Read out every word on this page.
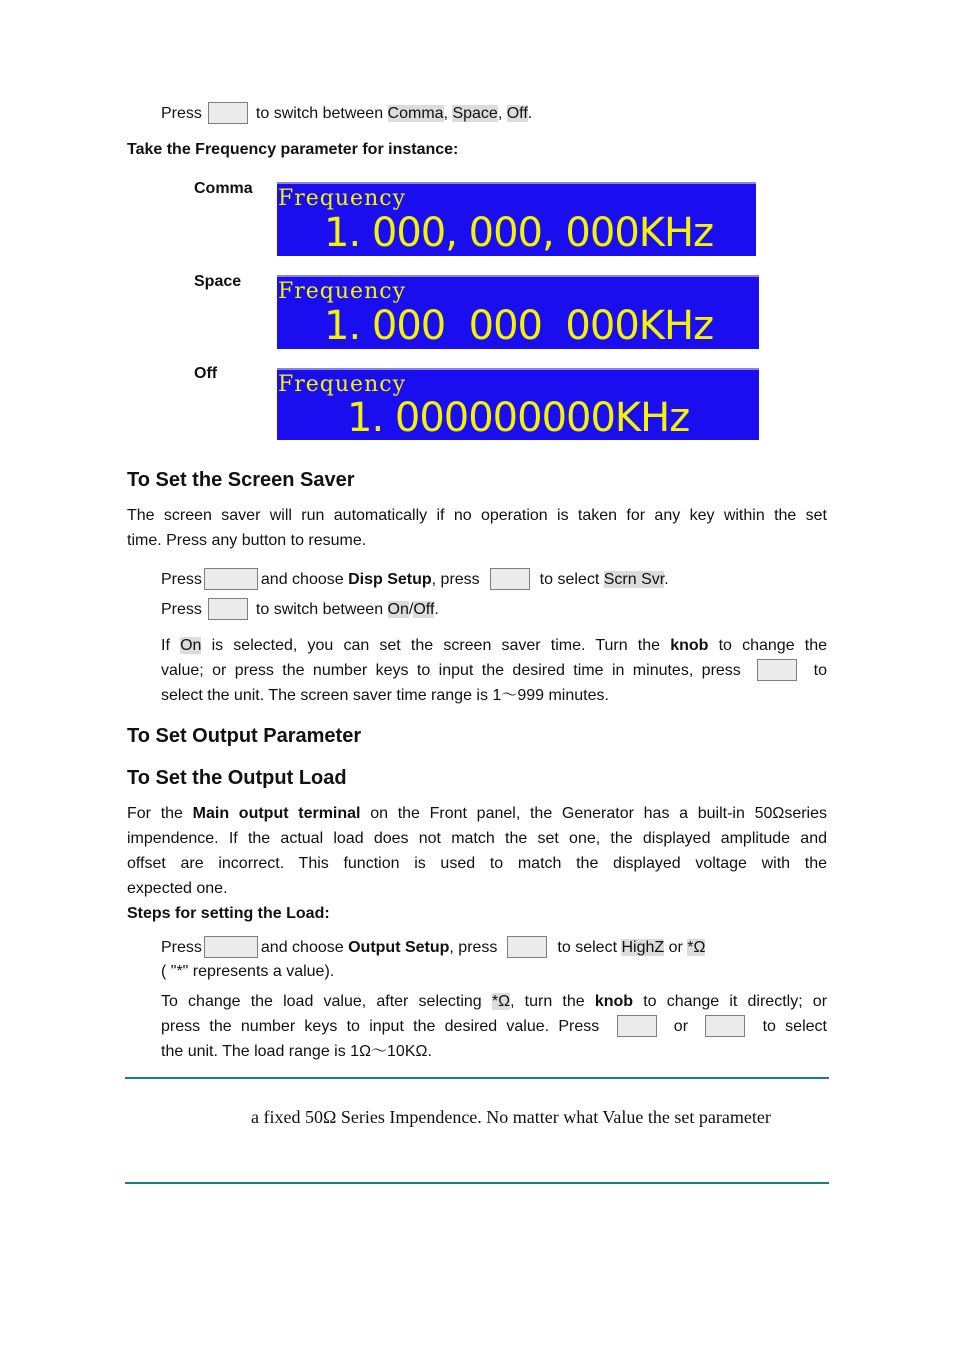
Press	to switch between Comma, Space, Off.
Take the Frequency parameter for instance:
Comma Frequency
1. 000, 000, 000KHz
Space Frequency
1. 000  000  000KHz
Off	Frequency
1. 000000000KHz
To Set the Screen Saver
The screen saver will run automatically if no operation is taken for any key within the set
time. Press any button to resume.
Press	and choose Disp Setup, press	to select Scrn Svr.
Press	to switch between On/Off.
If On is selected, you can set the screen saver time. Turn the knob to change the
value; or press the number keys to input the desired time in minutes, press	to
select the unit. The screen saver time range is 1～999 minutes.
To Set Output Parameter
To Set the Output Load
For the Main output terminal on the Front panel, the Generator has a built-in 50Ωseries
impendence. If the actual load does not match the set one, the displayed amplitude and
offset are incorrect. This function is used to match the displayed voltage with the
expected one.
Steps for setting the Load:
Press	and choose Output Setup, press	to select HighZ or *Ω
( "*" represents a value).
To change the load value, after selecting *Ω, turn the knob to change it directly; or
press the number keys to input the desired value. Press	or	to select
the unit. The load range is 1Ω～10KΩ.
a fixed 50Ω Series Impendence. No matter what Value the set parameter
